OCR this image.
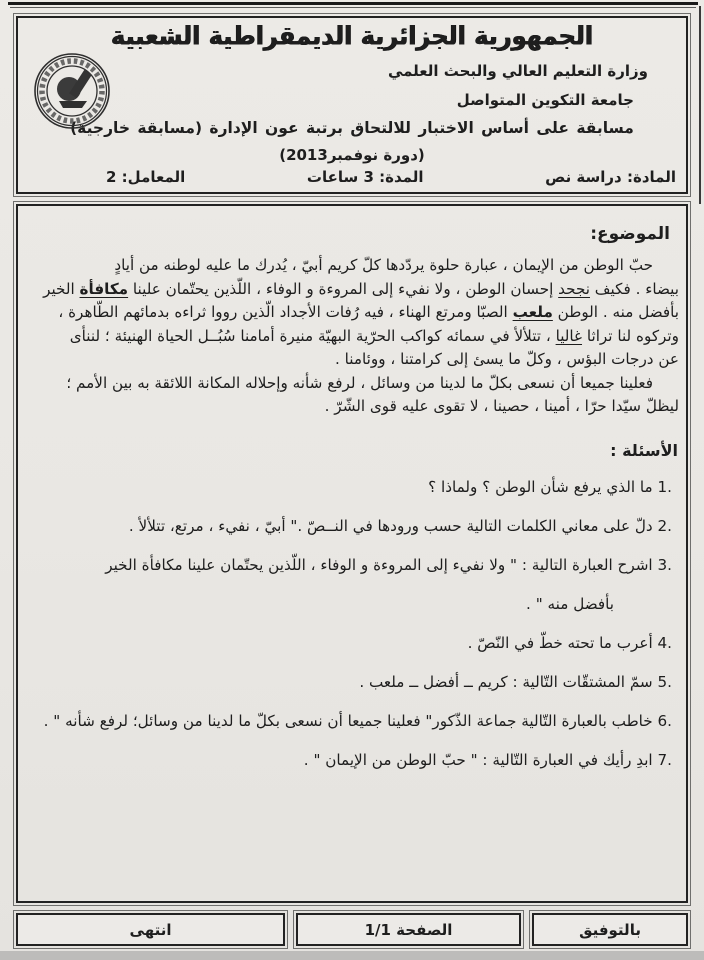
الجمهورية الجزائرية الديمقراطية الشعبية
وزارة التعليم العالي والبحث العلمي
جامعة التكوين المتواصل
مسابقة على أساس الاختبار للالتحاق برتبة عون الإدارة (مسابقة خارجية)
(دورة نوفمبر2013)
المادة: دراسة نص
المدة: 3 ساعات
المعامل: 2
الموضوع:
حبّ الوطن من الإيمان ، عبارة حلوة يردّدها كلّ كريم أبيّ ، يُدرك ما عليه لوطنه من أيادٍ
بيضاء . فكيف نجحد إحسان الوطن ، ولا نفيء إلى المروءة و الوفاء ، اللّذين يحتّمان علينا مكافأة الخير
بأفضل منه . الوطن ملعب الصبّا ومرتع الهناء ، فيه رُفات الأجداد الّذين رووا ثراءه بدمائهم الطّاهرة ،
وتركوه لنا تراثا غاليا ، تتلألأ في سمائه كواكب الحرّية البهيّة منيرة أمامنا سُبُــل الحياة الهنيئة ؛ لننأى
عن درجات البؤس ، وكلّ ما يسئ إلى كرامتنا ، ووئامنا .
فعلينا جميعا أن نسعى بكلّ ما لدينا من وسائل ، لرفع شأنه وإحلاله المكانة اللائقة به بين الأمم ؛
ليظلّ سيّدا حرّا ، أمينا ، حصينا ، لا تقوى عليه قوى الشّرّ .
الأسئلة :
1. ما الذي يرفع شأن الوطن ؟ ولماذا ؟
2. دلّ على معاني الكلمات التالية حسب ورودها في النــصّ ." أبيّ ، نفيء ، مرتع، تتلألأ .
3. اشرح العبارة التالية : " ولا نفيء إلى المروءة و الوفاء ، اللّذين يحتّمان علينا مكافأة الخير
بأفضل منه " .
4. أعرب ما تحته خطّ في النّصّ .
5. سمّ المشتقّات التّالية : كريم ــ أفضل ــ ملعب .
6. خاطب بالعبارة التّالية جماعة الذّكور" فعلينا جميعا أن نسعى بكلّ ما لدينا من وسائل؛ لرفع شأنه " .
7. ابدِ رأيك في العبارة التّالية : " حبّ الوطن من الإيمان " .
بالتوفيق
الصفحة 1/1
انتهى
